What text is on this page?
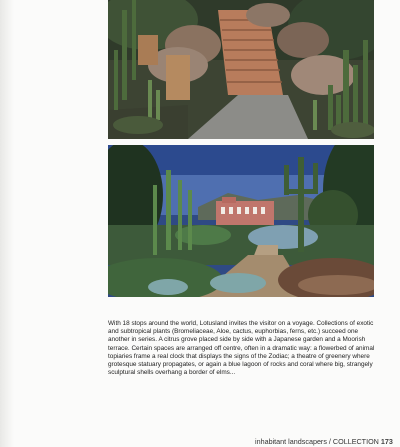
With 18 stops around the world, Lotusland invites the visitor on a voyage. Collections of exotic and subtropical plants (Bromeliaceae, Aloe, cactus, euphorbias, ferns, etc.) succeed one another in series. A citrus grove placed side by side with a Japanese garden and a Moorish terrace. Certain spaces are arranged off centre, often in a dramatic way: a flowerbed of animal topiaries frame a real clock that displays the signs of the Zodiac; a theatre of greenery where grotesque statuary propagates, or again a blue lagoon of rocks and coral where big, strangely sculptural shells overhang a border of elms...

inhabitant landscapers / COLLECTION 173
